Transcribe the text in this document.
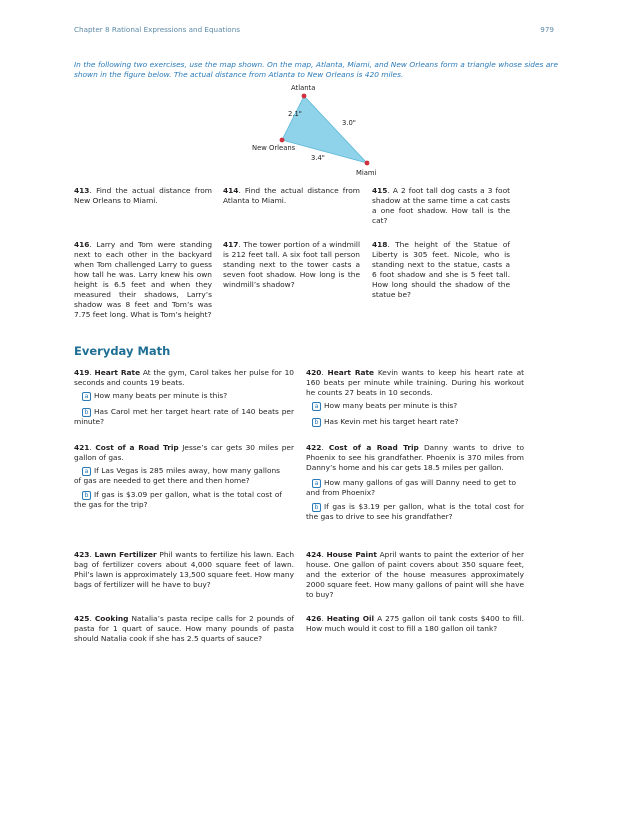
Chapter 8 Rational Expressions and Equations	979
In the following two exercises, use the map shown. On the map, Atlanta, Miami, and New Orleans form a triangle whose sides are shown in the figure below. The actual distance from Atlanta to New Orleans is 420 miles.
Atlanta
New Orleans
Miami
2.1"
3.0"
3.4"
413. Find the actual distance from New Orleans to Miami.
414. Find the actual distance from Atlanta to Miami.
415. A 2 foot tall dog casts a 3 foot shadow at the same time a cat casts a one foot shadow. How tall is the cat?
416. Larry and Tom were standing next to each other in the backyard when Tom challenged Larry to guess how tall he was. Larry knew his own height is 6.5 feet and when they measured their shadows, Larry’s shadow was 8 feet and Tom’s was 7.75 feet long. What is Tom’s height?
417. The tower portion of a windmill is 212 feet tall. A six foot tall person standing next to the tower casts a seven foot shadow. How long is the windmill’s shadow?
418. The height of the Statue of Liberty is 305 feet. Nicole, who is standing next to the statue, casts a 6 foot shadow and she is 5 feet tall. How long should the shadow of the statue be?
Everyday Math
419. Heart Rate At the gym, Carol takes her pulse for 10 seconds and counts 19 beats.
a How many beats per minute is this?
b Has Carol met her target heart rate of 140 beats per minute?
420. Heart Rate Kevin wants to keep his heart rate at 160 beats per minute while training. During his workout he counts 27 beats in 10 seconds.
a How many beats per minute is this?
b Has Kevin met his target heart rate?
421. Cost of a Road Trip Jesse’s car gets 30 miles per gallon of gas.
a If Las Vegas is 285 miles away, how many gallons of gas are needed to get there and then home?
b If gas is $3.09 per gallon, what is the total cost of the gas for the trip?
422. Cost of a Road Trip Danny wants to drive to Phoenix to see his grandfather. Phoenix is 370 miles from Danny’s home and his car gets 18.5 miles per gallon.
a How many gallons of gas will Danny need to get to and from Phoenix?
b If gas is $3.19 per gallon, what is the total cost for the gas to drive to see his grandfather?
423. Lawn Fertilizer Phil wants to fertilize his lawn. Each bag of fertilizer covers about 4,000 square feet of lawn. Phil’s lawn is approximately 13,500 square feet. How many bags of fertilizer will he have to buy?
424. House Paint April wants to paint the exterior of her house. One gallon of paint covers about 350 square feet, and the exterior of the house measures approximately 2000 square feet. How many gallons of paint will she have to buy?
425. Cooking Natalia’s pasta recipe calls for 2 pounds of pasta for 1 quart of sauce. How many pounds of pasta should Natalia cook if she has 2.5 quarts of sauce?
426. Heating Oil A 275 gallon oil tank costs $400 to fill. How much would it cost to fill a 180 gallon oil tank?
